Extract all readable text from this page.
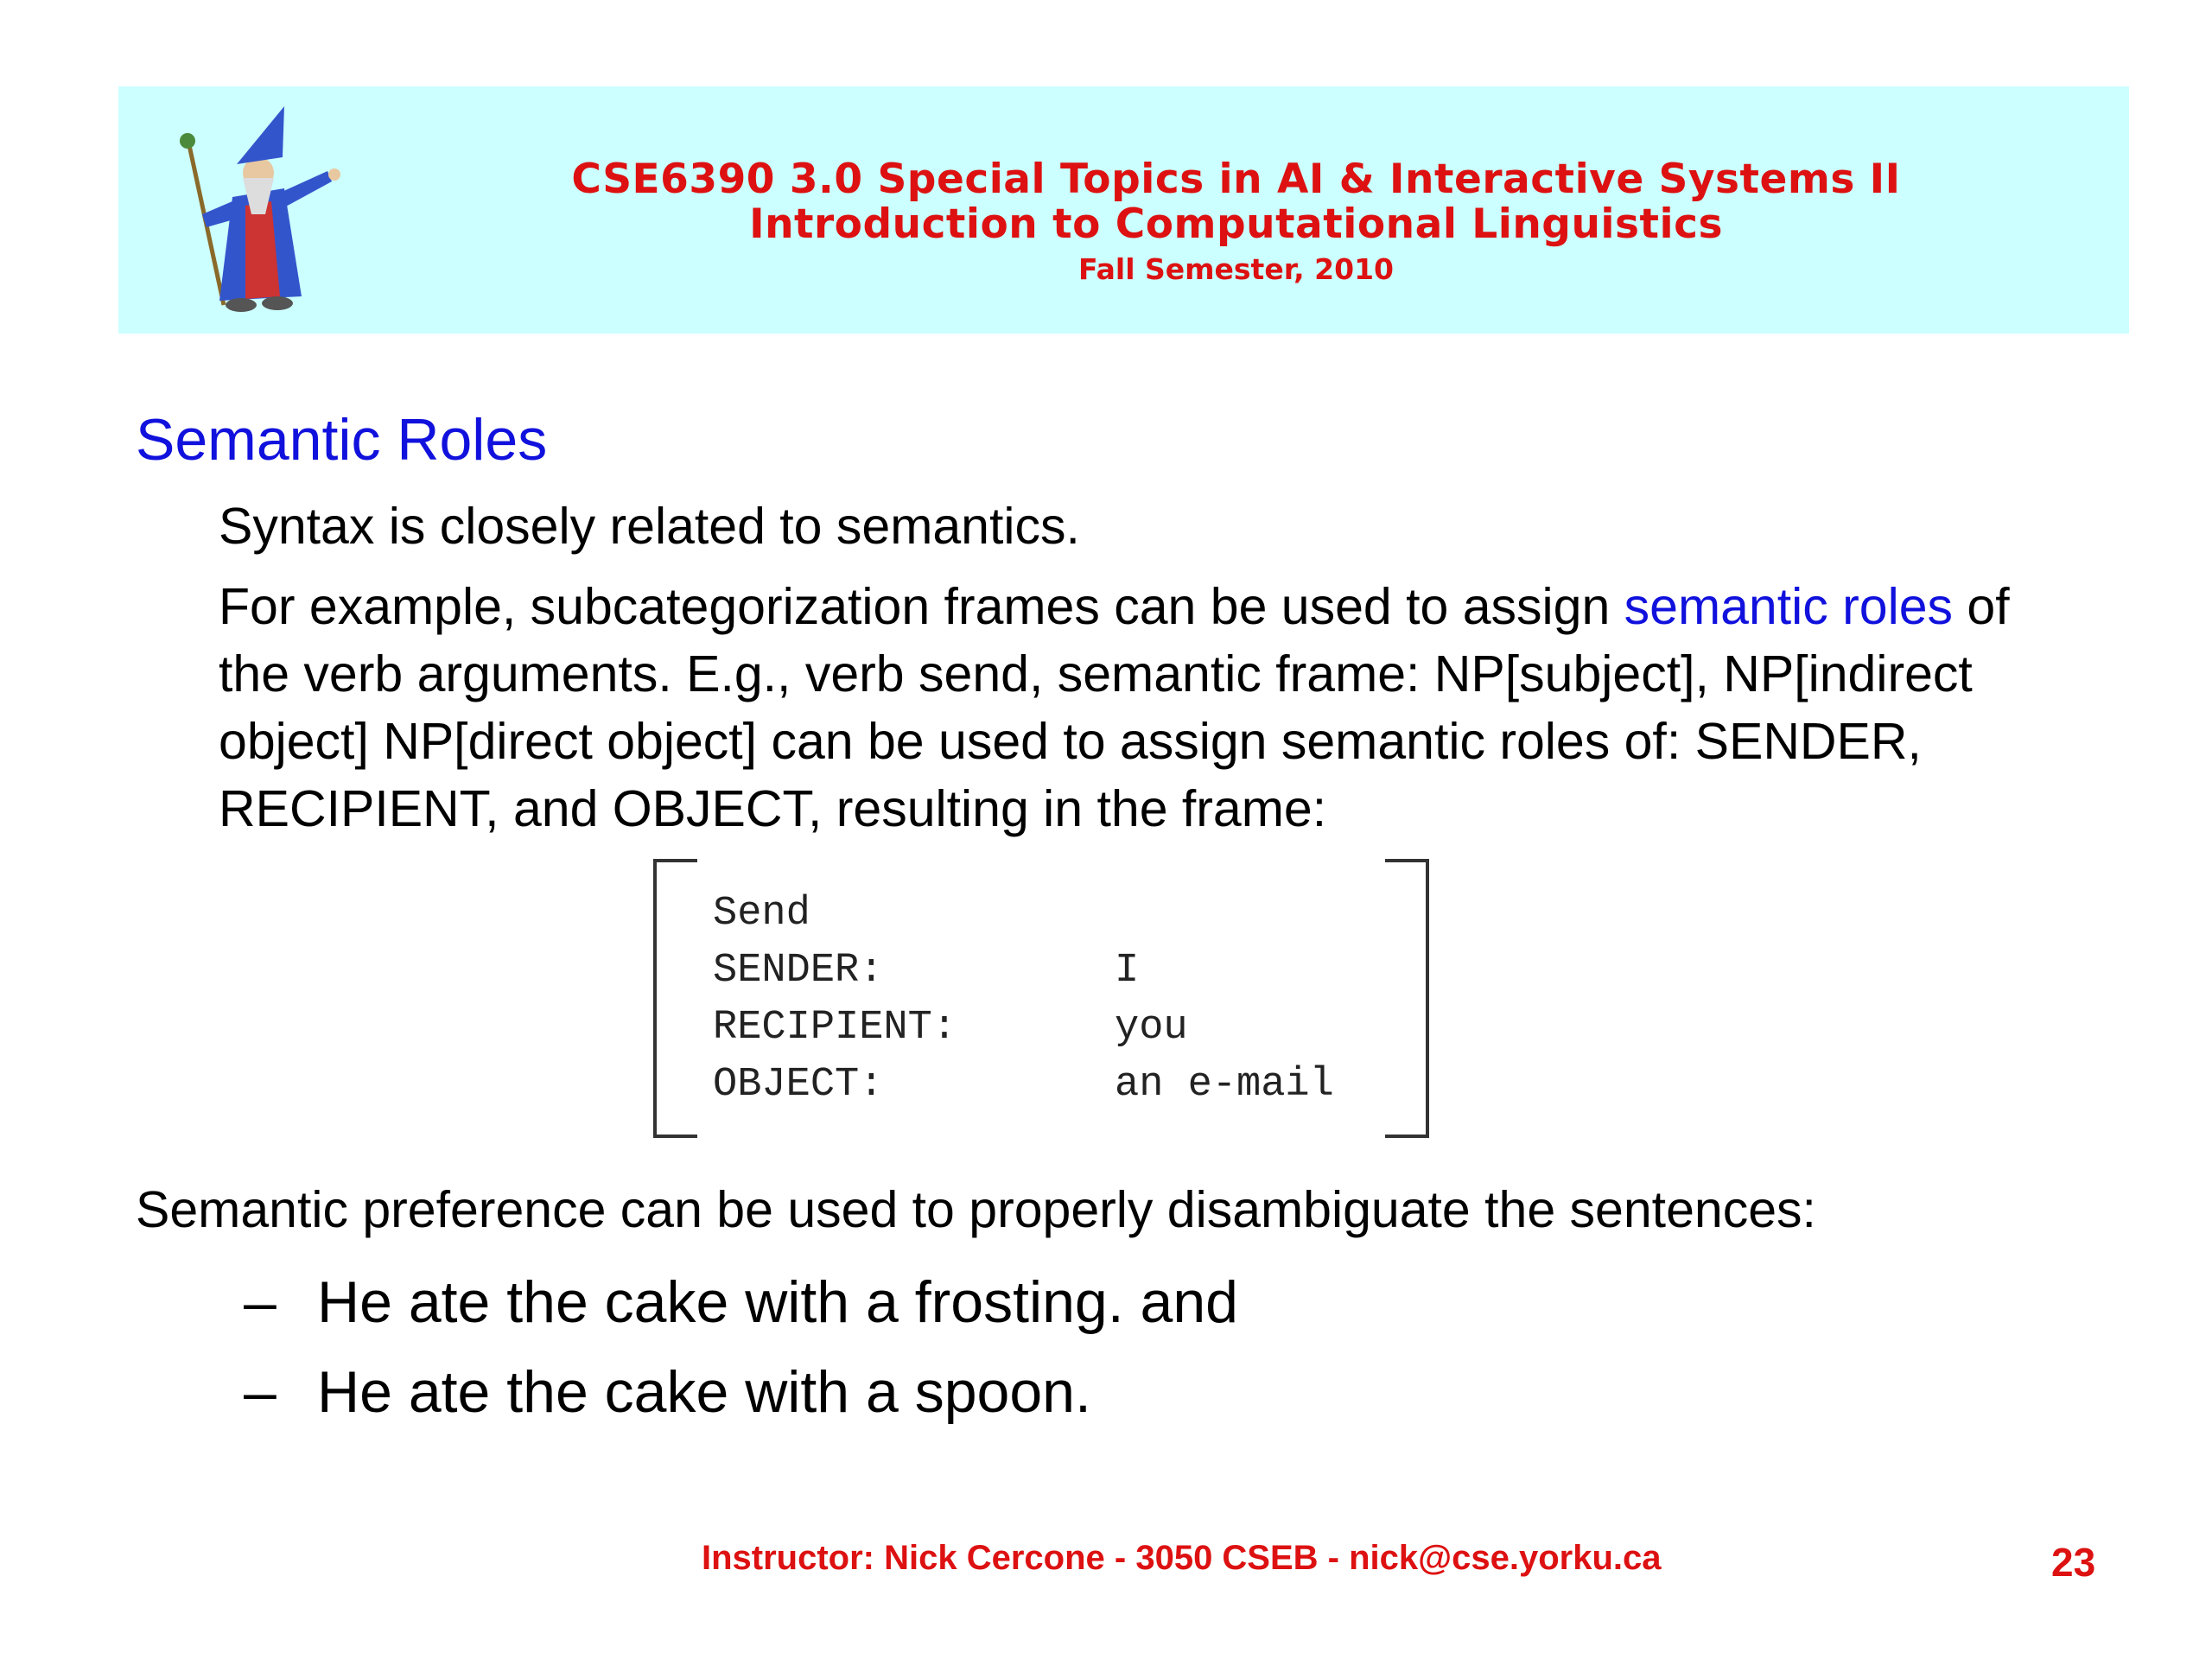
CSE6390 3.0 Special Topics in AI & Interactive Systems II
Introduction to Computational Linguistics
Fall Semester, 2010
Semantic Roles
Syntax is closely related to semantics.
For example, subcategorization frames can be used to assign semantic roles of the verb arguments. E.g., verb send, semantic frame: NP[subject], NP[indirect object] NP[direct object] can be used to assign semantic roles of: SENDER, RECIPIENT, and OBJECT, resulting in the frame:
Send
SENDER:	I
RECIPIENT:	you
OBJECT:	an e-mail
Semantic preference can be used to properly disambiguate the sentences:
– He ate the cake with a frosting. and
– He ate the cake with a spoon.
Instructor: Nick Cercone - 3050 CSEB - nick@cse.yorku.ca	23
